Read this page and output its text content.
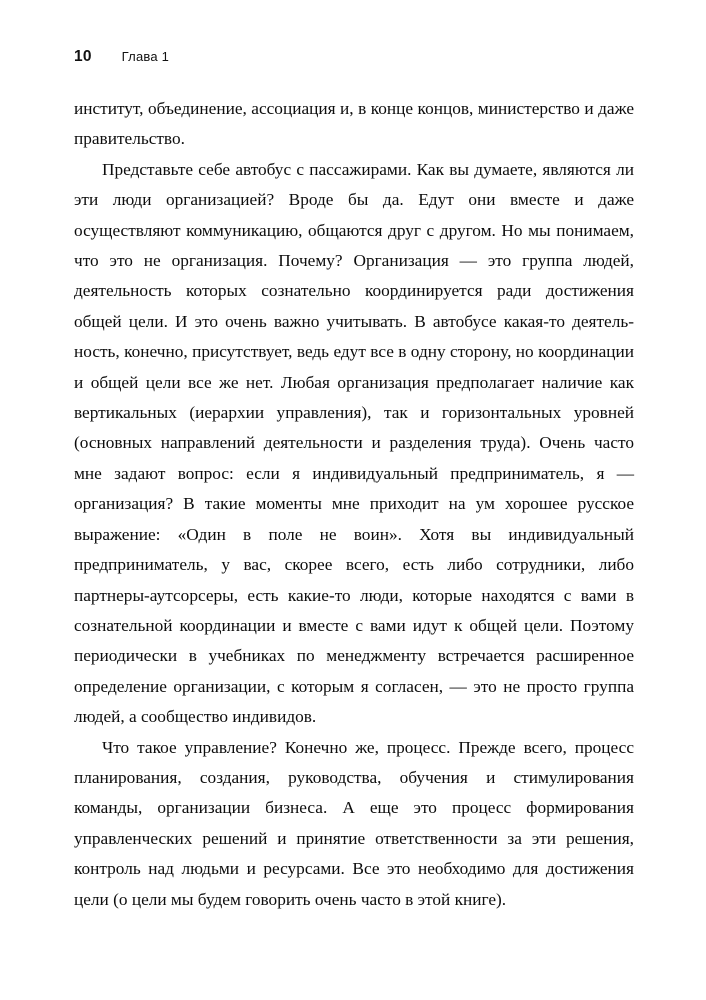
10 Глава 1

институт, объединение, ассоциация и, в конце концов, министерство и даже правительство.

Представьте себе автобус с пассажирами. Как вы думаете, являются ли эти люди организацией? Вроде бы да. Едут они вместе и даже осуществляют коммуникацию, общаются друг с другом. Но мы понимаем, что это не организация. Почему? Организация — это группа людей, деятельность которых сознательно координируется ради достижения общей цели. И это очень важно учитывать. В автобусе какая-то деятельность, конечно, присутствует, ведь едут все в одну сторону, но координации и общей цели все же нет. Любая организация предполагает наличие как вертикальных (иерархии управления), так и горизонтальных уровней (основных направлений деятельности и разделения труда). Очень часто мне задают вопрос: если я индивидуальный предприниматель, я — организация? В такие моменты мне приходит на ум хорошее русское выражение: «Один в поле не воин». Хотя вы индивидуальный предприниматель, у вас, скорее всего, есть либо сотрудники, либо партнеры-аутсорсеры, есть какие-то люди, которые находятся с вами в сознательной координации и вместе с вами идут к общей цели. Поэтому периодически в учебниках по менеджменту встречается расширенное определение организации, с которым я согласен, — это не просто группа людей, а сообщество индивидов.

Что такое управление? Конечно же, процесс. Прежде всего, процесс планирования, создания, руководства, обучения и стимулирования команды, организации бизнеса. А еще это процесс формирования управленческих решений и принятие ответственности за эти решения, контроль над людьми и ресурсами. Все это необходимо для достижения цели (о цели мы будем говорить очень часто в этой книге).
